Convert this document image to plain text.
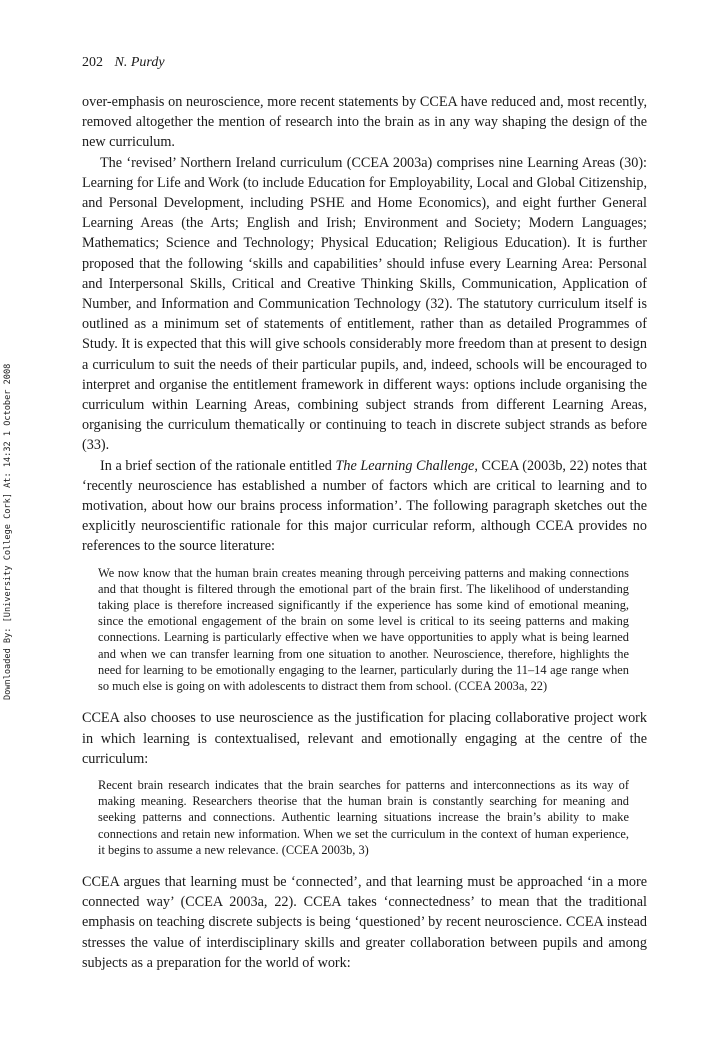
202 N. Purdy
Downloaded By: [University College Cork] At: 14:32 1 October 2008

over-emphasis on neuroscience, more recent statements by CCEA have reduced and, most recently, removed altogether the mention of research into the brain as in any way shaping the design of the new curriculum.

The ‘revised’ Northern Ireland curriculum (CCEA 2003a) comprises nine Learning Areas (30): Learning for Life and Work (to include Education for Employability, Local and Global Citizenship, and Personal Development, including PSHE and Home Economics), and eight further General Learning Areas (the Arts; English and Irish; Environment and Society; Modern Languages; Mathematics; Science and Technology; Physical Education; Religious Education). It is further proposed that the following ‘skills and capabilities’ should infuse every Learning Area: Personal and Interpersonal Skills, Critical and Creative Thinking Skills, Communication, Application of Number, and Information and Communication Technology (32). The statutory curriculum itself is outlined as a minimum set of statements of entitlement, rather than as detailed Programmes of Study. It is expected that this will give schools considerably more freedom than at present to design a curriculum to suit the needs of their particular pupils, and, indeed, schools will be encouraged to interpret and organise the entitlement framework in different ways: options include organising the curriculum within Learning Areas, combining subject strands from different Learning Areas, organising the curriculum thematically or continuing to teach in discrete subject strands as before (33).

In a brief section of the rationale entitled The Learning Challenge, CCEA (2003b, 22) notes that ‘recently neuroscience has established a number of factors which are critical to learning and to motivation, about how our brains process information’. The following paragraph sketches out the explicitly neuroscientific rationale for this major curricular reform, although CCEA provides no references to the source literature:

We now know that the human brain creates meaning through perceiving patterns and making connections and that thought is filtered through the emotional part of the brain first. The likelihood of understanding taking place is therefore increased significantly if the experience has some kind of emotional meaning, since the emotional engagement of the brain on some level is critical to its seeing patterns and making connections. Learning is particularly effective when we have opportunities to apply what is being learned and when we can transfer learning from one situation to another. Neuroscience, therefore, highlights the need for learning to be emotionally engaging to the learner, particularly during the 11–14 age range when so much else is going on with adolescents to distract them from school. (CCEA 2003a, 22)

CCEA also chooses to use neuroscience as the justification for placing collaborative project work in which learning is contextualised, relevant and emotionally engaging at the centre of the curriculum:

Recent brain research indicates that the brain searches for patterns and interconnections as its way of making meaning. Researchers theorise that the human brain is constantly searching for meaning and seeking patterns and connections. Authentic learning situations increase the brain’s ability to make connections and retain new information. When we set the curriculum in the context of human experience, it begins to assume a new relevance. (CCEA 2003b, 3)

CCEA argues that learning must be ‘connected’, and that learning must be approached ‘in a more connected way’ (CCEA 2003a, 22). CCEA takes ‘connectedness’ to mean that the traditional emphasis on teaching discrete subjects is being ‘questioned’ by recent neuroscience. CCEA instead stresses the value of interdisciplinary skills and greater collaboration between pupils and among subjects as a preparation for the world of work:
